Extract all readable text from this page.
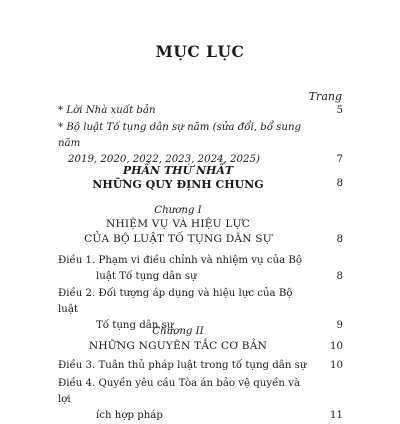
MỤC LỤC
Trang
* Lời Nhà xuất bản	5
* Bộ luật Tố tụng dân sự năm (sửa đổi, bổ sung năm
2019, 2020, 2022, 2023, 2024, 2025)	7
PHẦN THỨ NHẤT
NHỮNG QUY ĐỊNH CHUNG	8
Chương I
NHIỆM VỤ VÀ HIỆU LỰC
CỦA BỘ LUẬT TỐ TỤNG DÂN SỰ	8
Điều 1. Phạm vi điều chỉnh và nhiệm vụ của Bộ
luật Tố tụng dân sự	8
Điều 2. Đối tượng áp dụng và hiệu lực của Bộ luật
Tố tụng dân sự	9
Chương II
NHỮNG NGUYÊN TẮC CƠ BẢN	10
Điều 3. Tuân thủ pháp luật trong tố tụng dân sự	10
Điều 4. Quyền yêu cầu Tòa án bảo vệ quyền và lợi
ích hợp pháp	11
